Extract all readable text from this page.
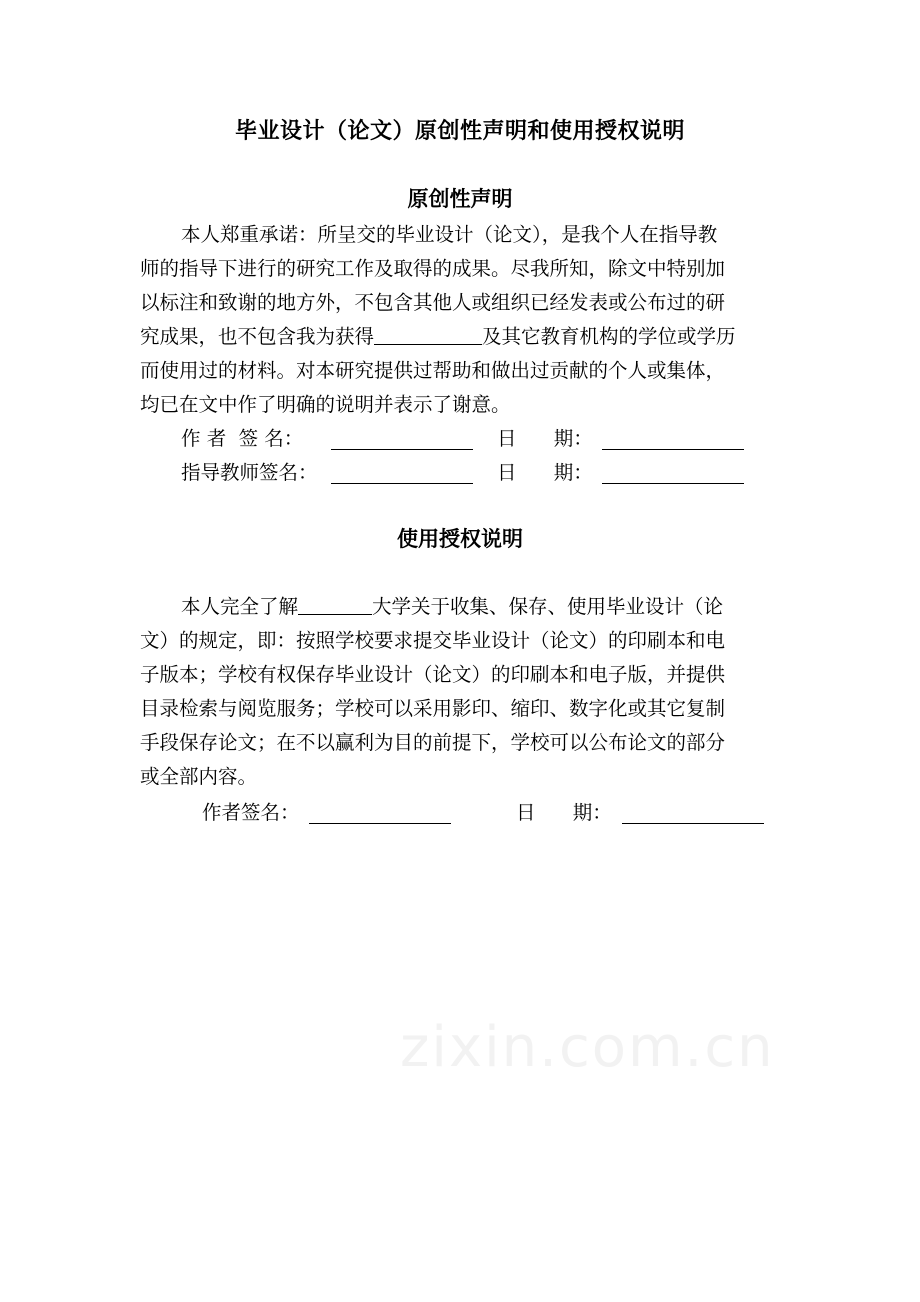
毕业设计（论文）原创性声明和使用授权说明
原创性声明
本人郑重承诺：所呈交的毕业设计（论文），是我个人在指导教
师的指导下进行的研究工作及取得的成果。尽我所知，除文中特别加
以标注和致谢的地方外，不包含其他人或组织已经发表或公布过的研
究成果，也不包含我为获得	及其它教育机构的学位或学历
而使用过的材料。对本研究提供过帮助和做出过贡献的个人或集体，
均已在文中作了明确的说明并表示了谢意。
作 者  签 名：	日      期：
指导教师签名：	日      期：
使用授权说明
本人完全了解	大学关于收集、保存、使用毕业设计（论
文）的规定，即：按照学校要求提交毕业设计（论文）的印刷本和电
子版本；学校有权保存毕业设计（论文）的印刷本和电子版，并提供
目录检索与阅览服务；学校可以采用影印、缩印、数字化或其它复制
手段保存论文；在不以赢利为目的前提下，学校可以公布论文的部分
或全部内容。
作者签名：	日      期：
zixin.com.cn
